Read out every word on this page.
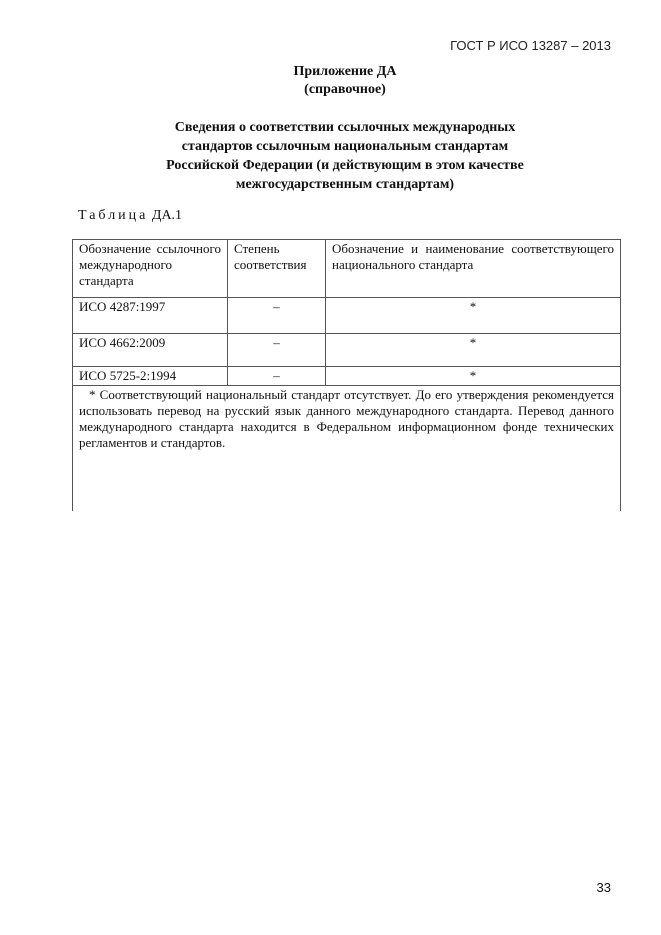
ГОСТ Р ИСО 13287 – 2013
Приложение ДА
(справочное)
Сведения о соответствии ссылочных международных
стандартов ссылочным национальным стандартам
Российской Федерации (и действующим в этом качестве
межгосударственным стандартам)
Таблица ДА.1
Обозначение ссылочного международного стандарта	Степень соответствия	Обозначение и наименование соответствующего национального стандарта
ИСО 4287:1997	–	*
ИСО 4662:2009	–	*
ИСО 5725-2:1994	–	*
* Соответствующий национальный стандарт отсутствует. До его утверждения рекомендуется использовать перевод на русский язык данного международного стандарта. Перевод данного международного стандарта находится в Федеральном информационном фонде технических регламентов и стандартов.		
33
